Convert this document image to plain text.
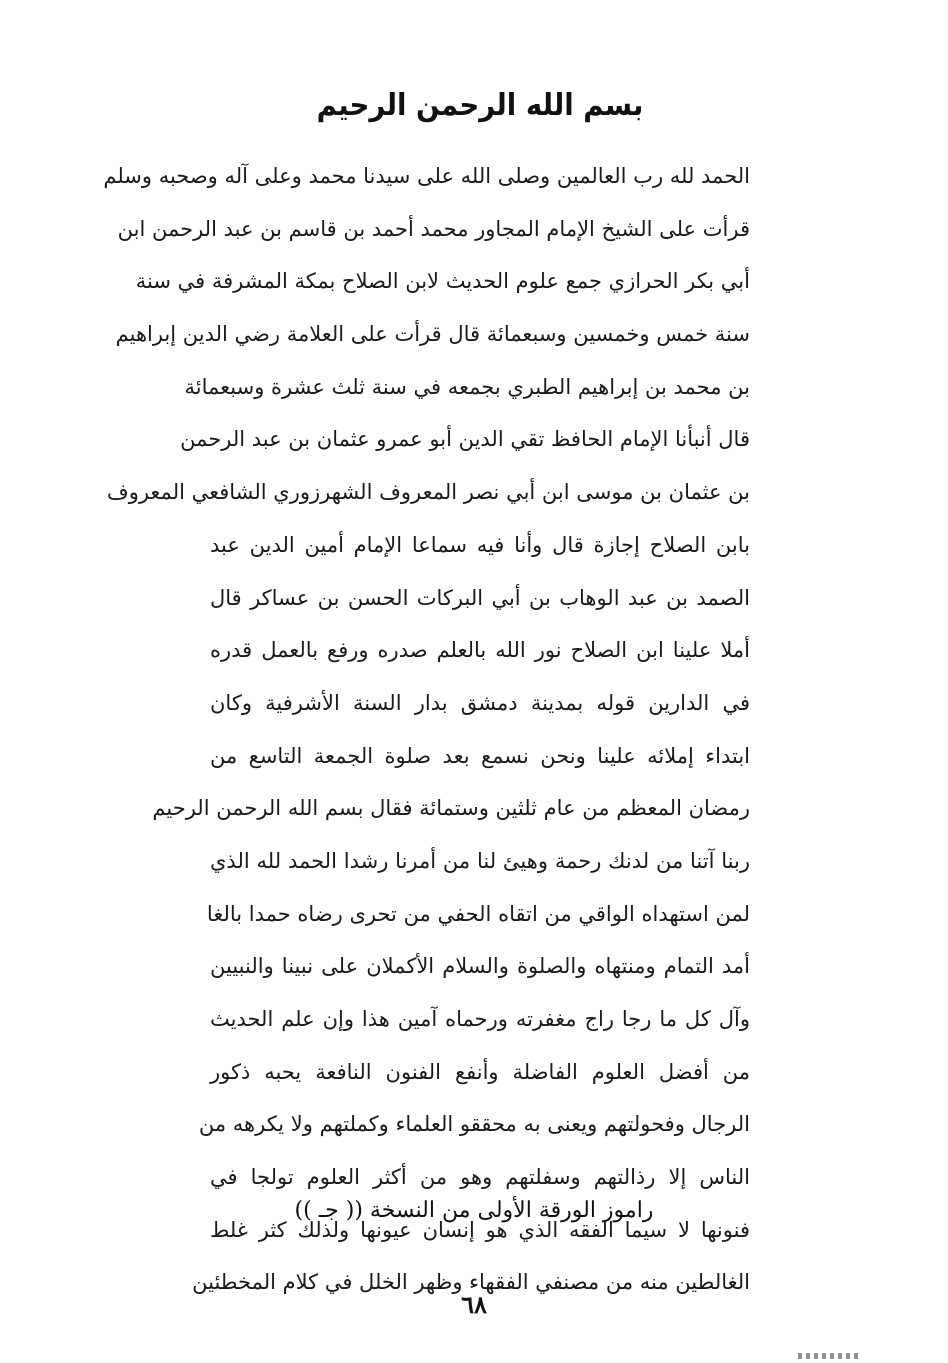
بسم الله الرحمن الرحيم
الحمد لله رب العالمين وصلى الله على سيدنا محمد وعلى آله وصحبه وسلم
قرأت على الشيخ الإمام المجاور محمد أحمد بن قاسم بن عبد الرحمن ابن
أبي بكر الحرازي جمع علوم الحديث لابن الصلاح بمكة المشرفة في سنة
سنة خمس وخمسين وسبعمائة قال قرأت على العلامة رضي الدين إبراهيم
بن محمد بن إبراهيم الطبري بجمعه في سنة ثلث عشرة وسبعمائة
قال أنبأنا الإمام الحافظ تقي الدين أبو عمرو عثمان بن عبد الرحمن
بن عثمان بن موسى ابن أبي نصر المعروف الشهرزوري الشافعي المعروف
بابن الصلاح إجازة قال وأنا فيه سماعا الإمام أمين الدين عبد
الصمد بن عبد الوهاب بن أبي البركات الحسن بن عساكر قال
أملا علينا ابن الصلاح نور الله بالعلم صدره ورفع بالعمل قدره
في الدارين قوله بمدينة دمشق بدار السنة الأشرفية وكان
ابتداء إملائه علينا ونحن نسمع بعد صلوة الجمعة التاسع من
رمضان المعظم من عام ثلثين وستمائة فقال بسم الله الرحمن الرحيم
ربنا آتنا من لدنك رحمة وهيئ لنا من أمرنا رشدا الحمد لله الذي
لمن استهداه الواقي من اتقاه الحفي من تحرى رضاه حمدا بالغا
أمد التمام ومنتهاه والصلوة والسلام الأكملان على نبينا والنبيين
وآل كل ما رجا راج مغفرته ورحماه آمين هذا وإن علم الحديث
من أفضل العلوم الفاضلة وأنفع الفنون النافعة يحبه ذكور
الرجال وفحولتهم ويعنى به محققو العلماء وكملتهم ولا يكرهه من
الناس إلا رذالتهم وسفلتهم وهو من أكثر العلوم تولجا في
فنونها لا سيما الفقه الذي هو إنسان عيونها ولذلك كثر غلط
الغالطين منه من مصنفي الفقهاء وظهر الخلل في كلام المخطئين
راموز الورقة الأولى من النسخة (( جـ ))
٦٨
